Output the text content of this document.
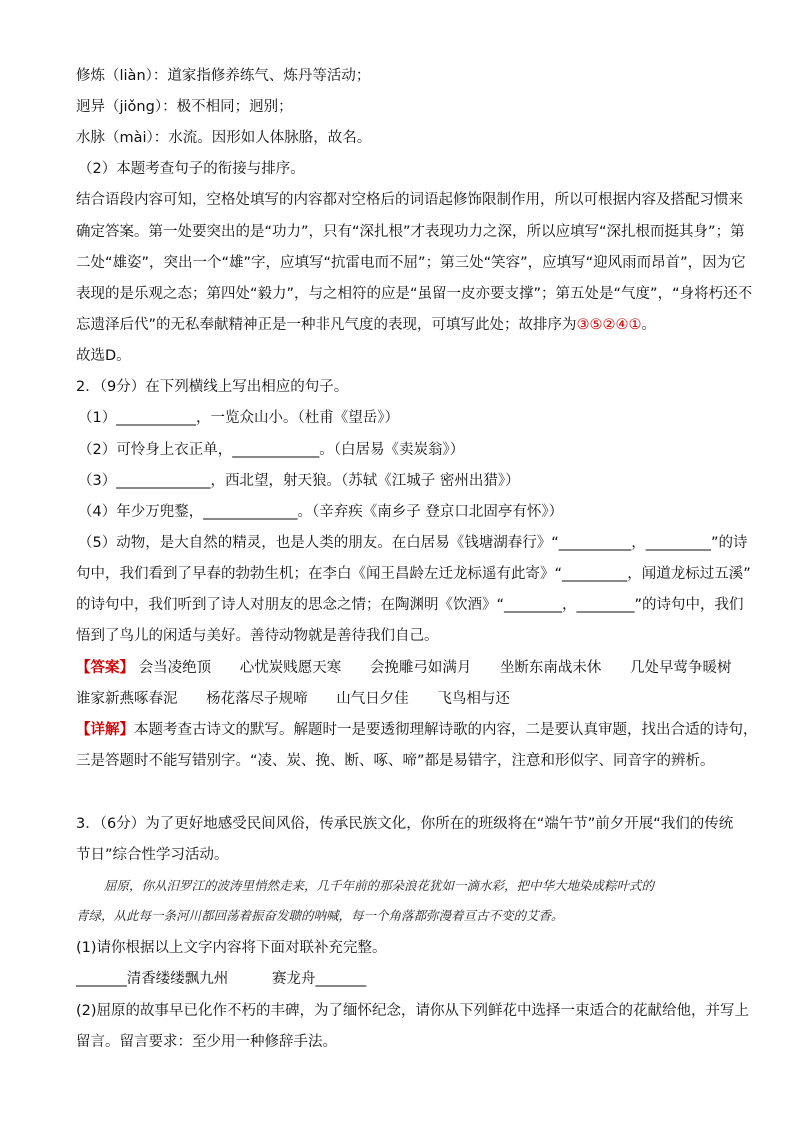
修炼（liàn）：道家指修养练气、炼丹等活动；
迥异（jiǒng）：极不相同；迥别；
水脉（mài）：水流。因形如人体脉胳，故名。
（2）本题考查句子的衔接与排序。
结合语段内容可知，空格处填写的内容都对空格后的词语起修饰限制作用，所以可根据内容及搭配习惯来
确定答案。第一处要突出的是“功力”，只有“深扎根”才表现功力之深，所以应填写“深扎根而挺其身”；第
二处“雄姿”，突出一个“雄”字，应填写“抗雷电而不屈”；第三处“笑容”，应填写“迎风雨而昂首”，因为它
表现的是乐观之态；第四处“毅力”，与之相符的应是“虽留一皮亦要支撑”；第五处是“气度”，“身将朽还不
忘遗泽后代”的无私奉献精神正是一种非凡气度的表现，可填写此处；故排序为③⑤②④①。
故选D。
2．（9分）在下列横线上写出相应的句子。
（1）___________，一览众山小。（杜甫《望岳》）
（2）可怜身上衣正单，____________。（白居易《卖炭翁》）
（3）_____________，西北望，射天狼。（苏轼《江城子 密州出猎》）
（4）年少万兜鍪，_____________。（辛弃疾《南乡子 登京口北固亭有怀》）
（5）动物，是大自然的精灵，也是人类的朋友。在白居易《钱塘湖春行》“__________，_________”的诗
句中，我们看到了早春的勃勃生机；在李白《闻王昌龄左迁龙标遥有此寄》“_________，闻道龙标过五溪”
的诗句中，我们听到了诗人对朋友的思念之情；在陶渊明《饮酒》“________，________”的诗句中，我们
悟到了鸟儿的闲适与美好。善待动物就是善待我们自己。
【答案】 会当凌绝顶 心忧炭贱愿天寒 会挽雕弓如满月 坐断东南战未休 几处早莺争暖树
谁家新燕啄春泥 杨花落尽子规啼 山气日夕佳 飞鸟相与还
【详解】本题考查古诗文的默写。解题时一是要透彻理解诗歌的内容，二是要认真审题，找出合适的诗句，
三是答题时不能写错别字。“凌、炭、挽、断、啄、啼”都是易错字，注意和形似字、同音字的辨析。
3．（6分）为了更好地感受民间风俗，传承民族文化，你所在的班级将在“端午节”前夕开展“我们的传统
节日”综合性学习活动。
屈原，你从汨罗江的波涛里悄然走来，几千年前的那朵浪花犹如一滴水彩，把中华大地染成粽叶式的
青绿，从此每一条河川都回荡着振奋发聩的呐喊，每一个角落都弥漫着亘古不变的艾香。
(1)请你根据以上文字内容将下面对联补充完整。
_______清香缕缕飘九州	赛龙舟_______
(2)屈原的故事早已化作不朽的丰碑，为了缅怀纪念，请你从下列鲜花中选择一束适合的花献给他，并写上
留言。留言要求：至少用一种修辞手法。
